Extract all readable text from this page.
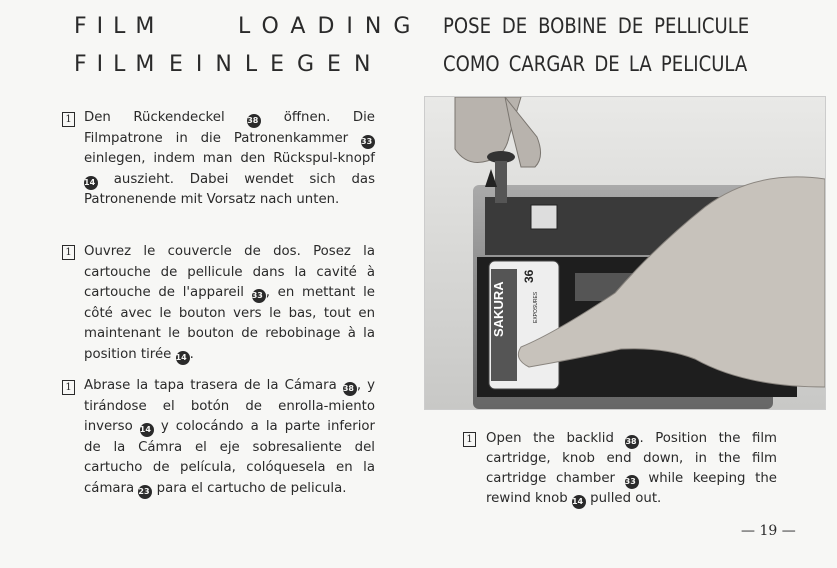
FILM	LOADING
FILM EINLEGEN
POSE DE BOBINE DE PELLICULE
COMO CARGAR DE LA PELICULA
1 Den Rückendeckel 38 öffnen. Die Filmpatrone in die Patronenkammer 33 einlegen, indem man den Rückspul-knopf 14 auszieht. Dabei wendet sich das Patronenende mit Vorsatz nach unten.
1 Ouvrez le couvercle de dos. Posez la cartouche de pellicule dans la cavité à cartouche de l'appareil 33 , en mettant le côté avec le bouton vers le bas, tout en maintenant le bouton de rebobinage à la position tirée 14 .
1 Abrase la tapa trasera de la Cámara 38 , y tirándose el botón de enrolla-miento inverso 14 y colocándo a la parte inferior de la Cámra el eje sobresaliente del cartucho de película, colóquesela en la cámara 23 para el cartucho de pelicula.
SAKURA
36
EXPOSURES
1 Open the backlid 38 . Position the film cartridge, knob end down, in the film cartridge chamber 33 while keeping the rewind knob 14 pulled out.
— 19 —
